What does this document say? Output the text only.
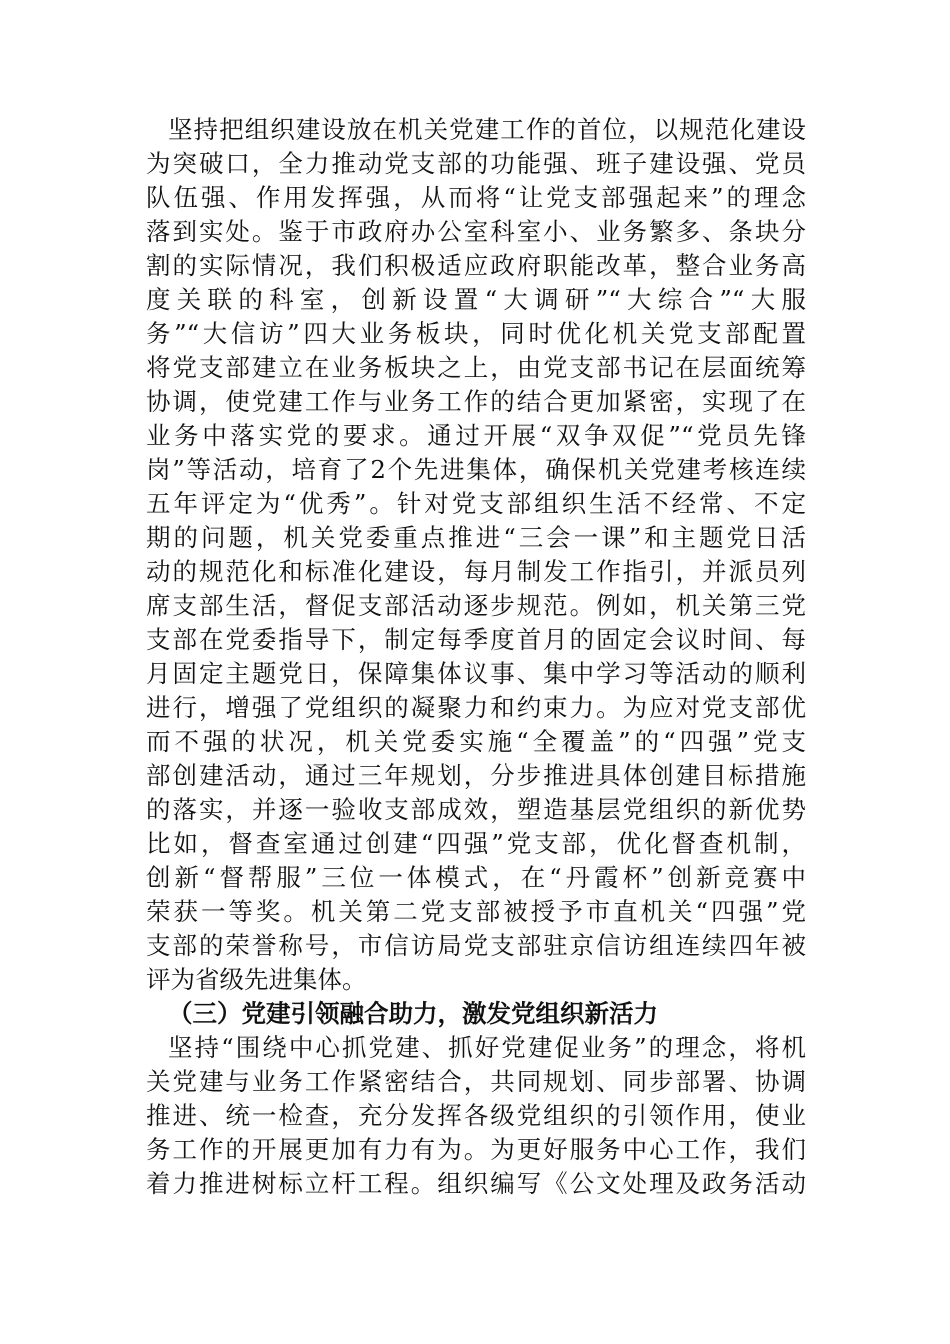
坚持把组织建设放在机关党建工作的首位，以规范化建设
为突破口，全力推动党支部的功能强、班子建设强、党员
队伍强、作用发挥强，从而将“让党支部强起来”的理念
落到实处。鉴于市政府办公室科室小、业务繁多、条块分
割的实际情况，我们积极适应政府职能改革，整合业务高
度关联的科室，创新设置“大调研”“大综合”“大服
务”“大信访”四大业务板块，同时优化机关党支部配置
将党支部建立在业务板块之上，由党支部书记在层面统筹
协调，使党建工作与业务工作的结合更加紧密，实现了在
业务中落实党的要求。通过开展“双争双促”“党员先锋
岗”等活动，培育了2个先进集体，确保机关党建考核连续
五年评定为“优秀”。针对党支部组织生活不经常、不定
期的问题，机关党委重点推进“三会一课”和主题党日活
动的规范化和标准化建设，每月制发工作指引，并派员列
席支部生活，督促支部活动逐步规范。例如，机关第三党
支部在党委指导下，制定每季度首月的固定会议时间、每
月固定主题党日，保障集体议事、集中学习等活动的顺利
进行，增强了党组织的凝聚力和约束力。为应对党支部优
而不强的状况，机关党委实施“全覆盖”的“四强”党支
部创建活动，通过三年规划，分步推进具体创建目标措施
的落实，并逐一验收支部成效，塑造基层党组织的新优势
比如，督查室通过创建“四强”党支部，优化督查机制，
创新“督帮服”三位一体模式，在“丹霞杯”创新竞赛中
荣获一等奖。机关第二党支部被授予市直机关“四强”党
支部的荣誉称号，市信访局党支部驻京信访组连续四年被
评为省级先进集体。
（三）党建引领融合助力，激发党组织新活力
坚持“围绕中心抓党建、抓好党建促业务”的理念，将机
关党建与业务工作紧密结合，共同规划、同步部署、协调
推进、统一检查，充分发挥各级党组织的引领作用，使业
务工作的开展更加有力有为。为更好服务中心工作，我们
着力推进树标立杆工程。组织编写《公文处理及政务活动
